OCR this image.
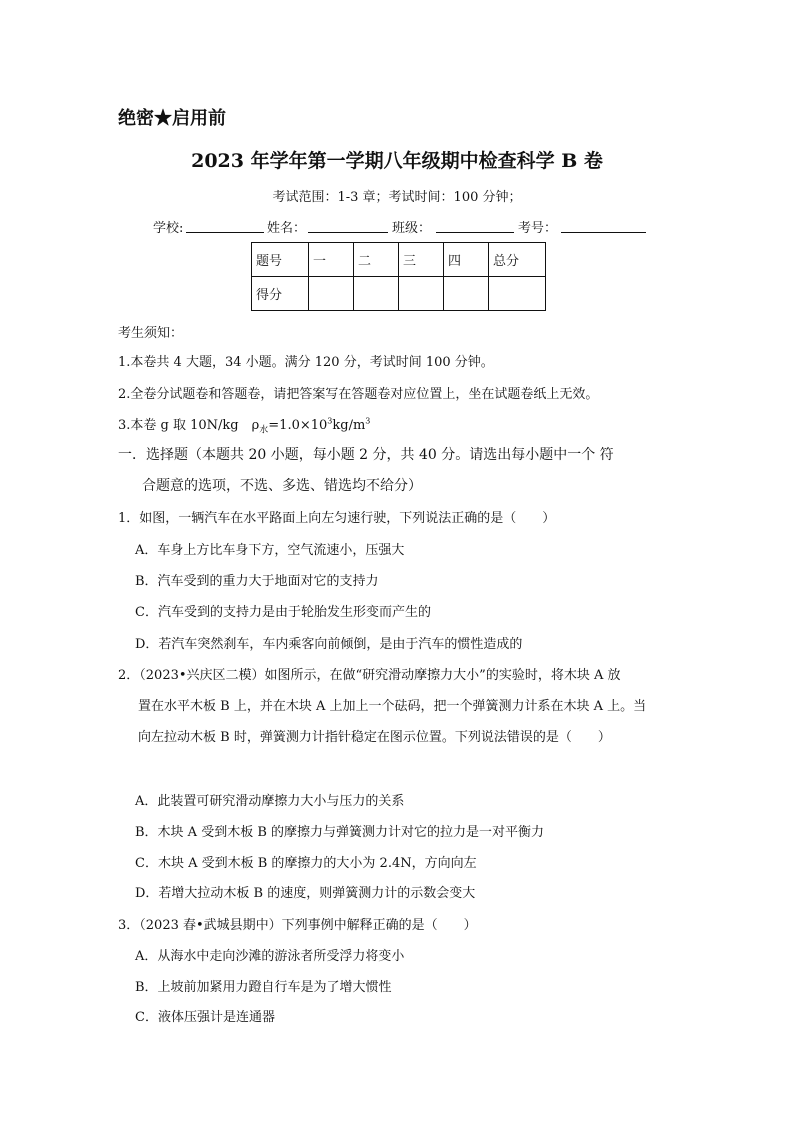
绝密★启用前
2023 年学年第一学期八年级期中检查科学 B 卷
考试范围：1-3 章；考试时间：100 分钟；
学校:	姓名：	班级：	考号：
题号	一	二	三	四	总分
得分					
考生须知：
1.本卷共 4 大题，34 小题。满分 120 分，考试时间 100 分钟。
2.全卷分试题卷和答题卷，请把答案写在答题卷对应位置上，坐在试题卷纸上无效。
3.本卷 g 取 10N/kg　$\rho_水=1.0\times 10^3kg/m^3$
一．选择题（本题共 20 小题，每小题 2 分，共 40 分。请选出每小题中一个 符
合题意的选项，不选、多选、错选均不给分）
1．如图，一辆汽车在水平路面上向左匀速行驶，下列说法正确的是（　　）
A．车身上方比车身下方，空气流速小，压强大
B．汽车受到的重力大于地面对它的支持力
C．汽车受到的支持力是由于轮胎发生形变而产生的
D．若汽车突然刹车，车内乘客向前倾倒，是由于汽车的惯性造成的
2．（2023•兴庆区二模）如图所示，在做“研究滑动摩擦力大小”的实验时，将木块 A 放
置在水平木板 B 上，并在木块 A 上加上一个砝码，把一个弹簧测力计系在木块 A 上。当
向左拉动木板 B 时，弹簧测力计指针稳定在图示位置。下列说法错误的是（　　）
A．此装置可研究滑动摩擦力大小与压力的关系
B．木块 A 受到木板 B 的摩擦力与弹簧测力计对它的拉力是一对平衡力
C．木块 A 受到木板 B 的摩擦力的大小为 2.4N，方向向左
D．若增大拉动木板 B 的速度，则弹簧测力计的示数会变大
3．（2023 春•武城县期中）下列事例中解释正确的是（　　）
A．从海水中走向沙滩的游泳者所受浮力将变小
B．上坡前加紧用力蹬自行车是为了增大惯性
C．液体压强计是连通器
